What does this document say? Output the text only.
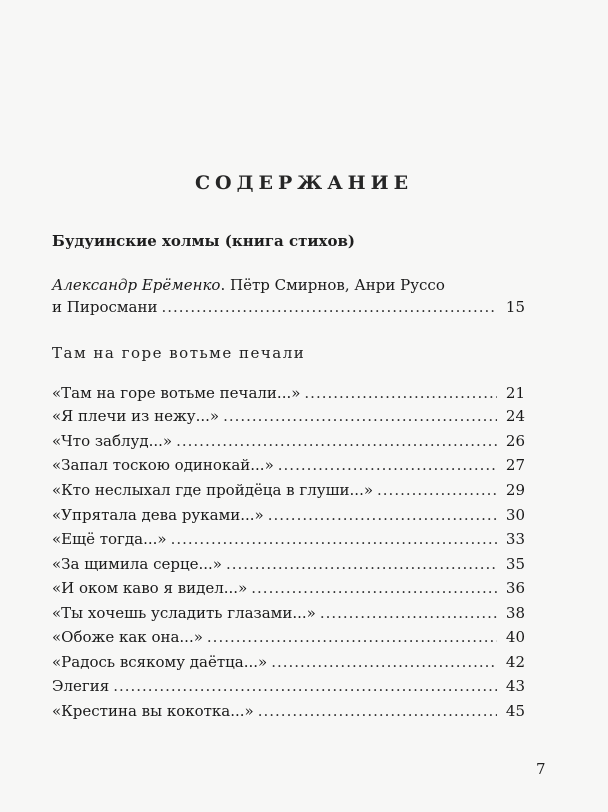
СОДЕРЖАНИЕ
Будуинские холмы (книга стихов)
Александр Ерёменко. Пётр Смирнов, Анри Руссо
и Пиросмани .....	15
Там на горе вотьме печали
«Там на горе вотьме печали...» .....	21
«Я плечи из нежу...» .....	24
«Что заблуд...» .....	26
«Запал тоскою одинокай...» .....	27
«Кто неслыхал где пройдёца в глуши...» .....	29
«Упрятала дева руками...» .....	30
«Ещё тогда...» .....	33
«За щимила серце...» .....	35
«И оком каво я видел...» .....	36
«Ты хочешь усладить глазами...» .....	38
«Обоже как она...» .....	40
«Радось всякому даётца...» .....	42
Элегия .....	43
«Крестина вы кокотка...» .....	45
7
